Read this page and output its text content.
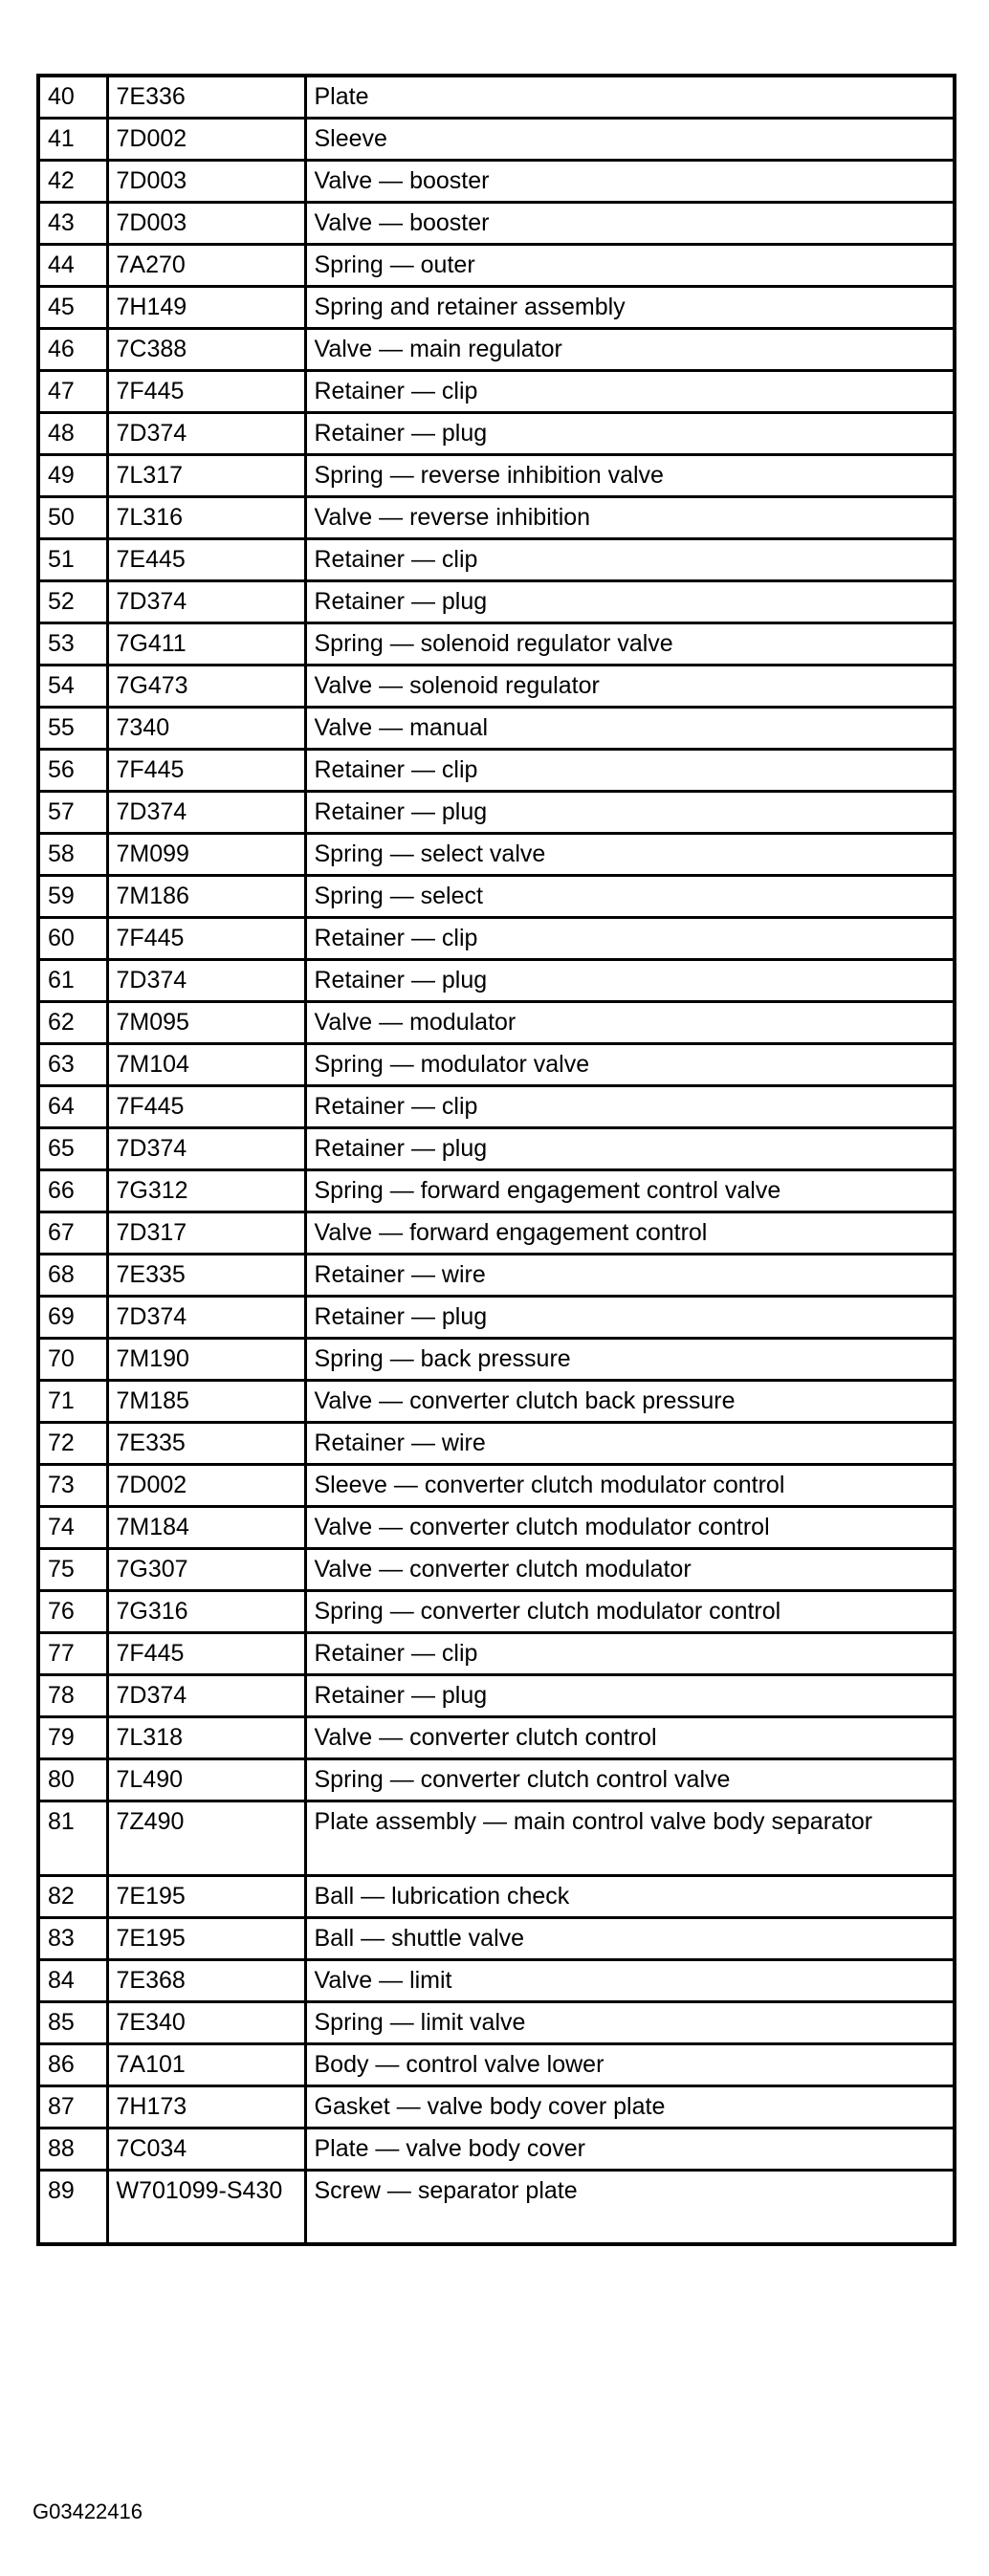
40	7E336	Plate
41	7D002	Sleeve
42	7D003	Valve — booster
43	7D003	Valve — booster
44	7A270	Spring — outer
45	7H149	Spring and retainer assembly
46	7C388	Valve — main regulator
47	7F445	Retainer — clip
48	7D374	Retainer — plug
49	7L317	Spring — reverse inhibition valve
50	7L316	Valve — reverse inhibition
51	7E445	Retainer — clip
52	7D374	Retainer — plug
53	7G411	Spring — solenoid regulator valve
54	7G473	Valve — solenoid regulator
55	7340	Valve — manual
56	7F445	Retainer — clip
57	7D374	Retainer — plug
58	7M099	Spring — select valve
59	7M186	Spring — select
60	7F445	Retainer — clip
61	7D374	Retainer — plug
62	7M095	Valve — modulator
63	7M104	Spring — modulator valve
64	7F445	Retainer — clip
65	7D374	Retainer — plug
66	7G312	Spring — forward engagement control valve
67	7D317	Valve — forward engagement control
68	7E335	Retainer — wire
69	7D374	Retainer — plug
70	7M190	Spring — back pressure
71	7M185	Valve — converter clutch back pressure
72	7E335	Retainer — wire
73	7D002	Sleeve — converter clutch modulator control
74	7M184	Valve — converter clutch modulator control
75	7G307	Valve — converter clutch modulator
76	7G316	Spring — converter clutch modulator control
77	7F445	Retainer — clip
78	7D374	Retainer — plug
79	7L318	Valve — converter clutch control
80	7L490	Spring — converter clutch control valve
81	7Z490	Plate assembly — main control valve body separator
82	7E195	Ball — lubrication check
83	7E195	Ball — shuttle valve
84	7E368	Valve — limit
85	7E340	Spring — limit valve
86	7A101	Body — control valve lower
87	7H173	Gasket — valve body cover plate
88	7C034	Plate — valve body cover
89	W701099-S430	Screw — separator plate
G03422416
